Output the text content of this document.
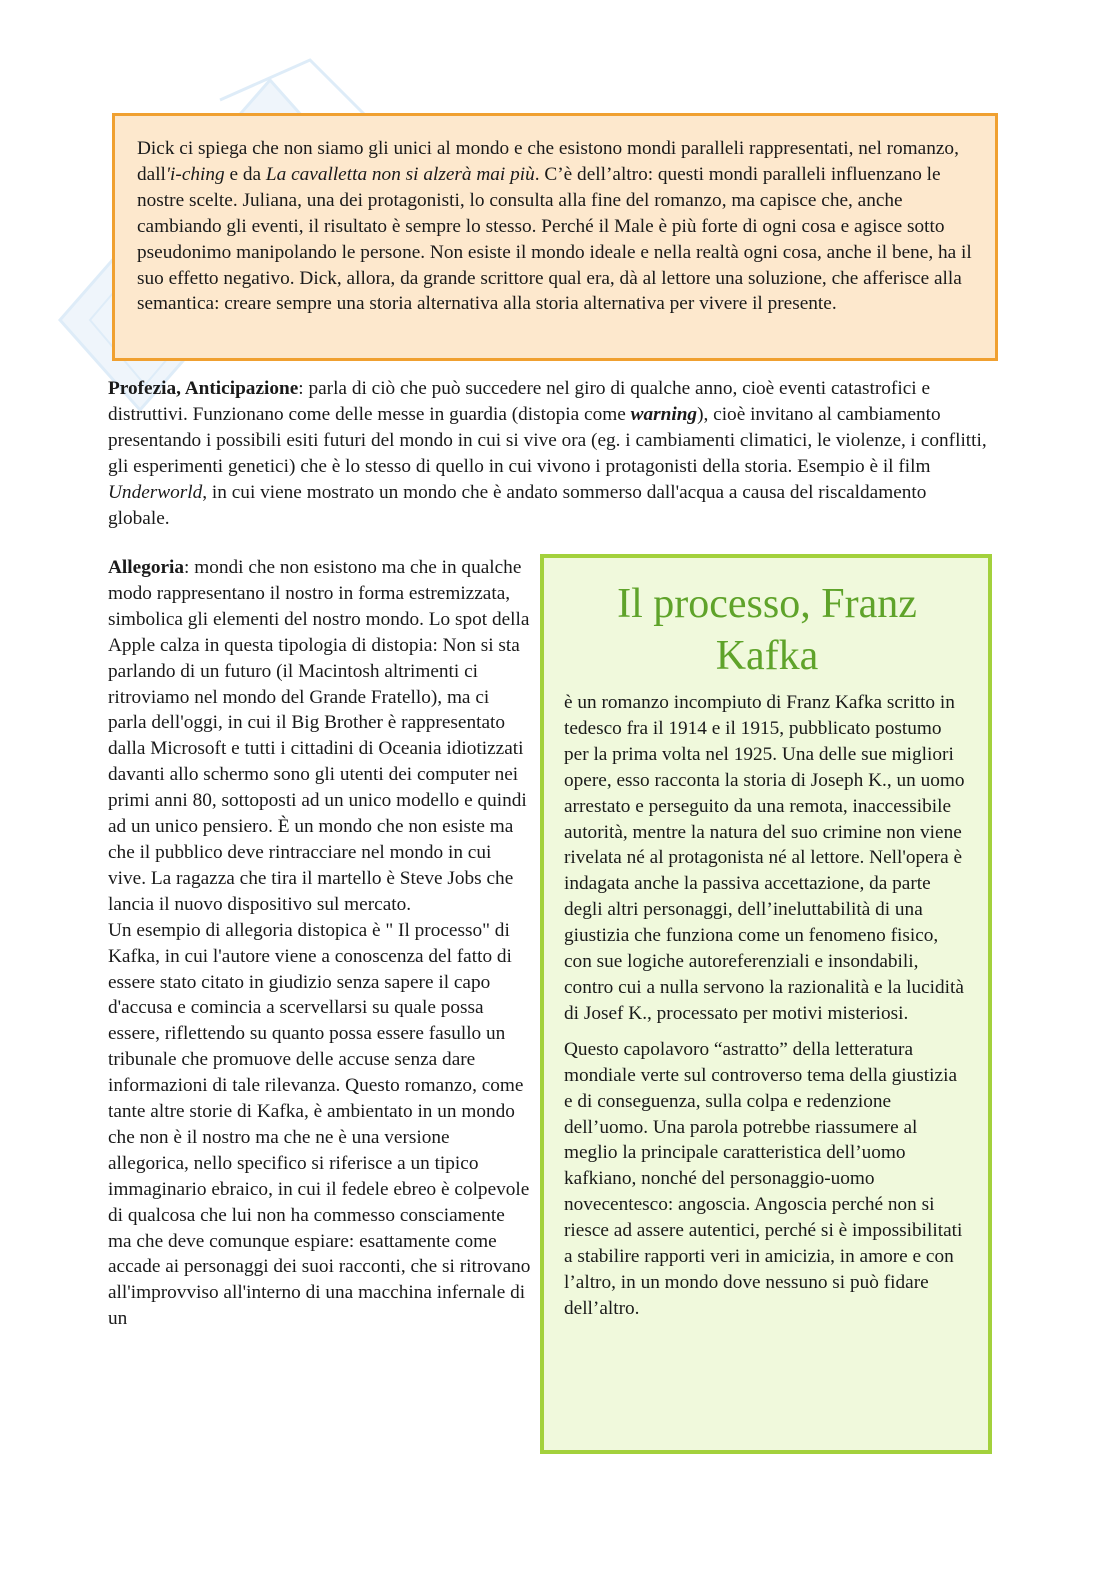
Dick ci spiega che non siamo gli unici al mondo e che esistono mondi paralleli rappresentati, nel romanzo, dall'i-ching e da La cavalletta non si alzerà mai più. C’è dell’altro: questi mondi paralleli influenzano le nostre scelte. Juliana, una dei protagonisti, lo consulta alla fine del romanzo, ma capisce che, anche cambiando gli eventi, il risultato è sempre lo stesso. Perché il Male è più forte di ogni cosa e agisce sotto pseudonimo manipolando le persone. Non esiste il mondo ideale e nella realtà ogni cosa, anche il bene, ha il suo effetto negativo. Dick, allora, da grande scrittore qual era, dà al lettore una soluzione, che afferisce alla semantica: creare sempre una storia alternativa alla storia alternativa per vivere il presente.

Profezia, Anticipazione: parla di ciò che può succedere nel giro di qualche anno, cioè eventi catastrofici e distruttivi. Funzionano come delle messe in guardia (distopia come warning), cioè invitano al cambiamento presentando i possibili esiti futuri del mondo in cui si vive ora (eg. i cambiamenti climatici, le violenze, i conflitti, gli esperimenti genetici) che è lo stesso di quello in cui vivono i protagonisti della storia. Esempio è il film Underworld, in cui viene mostrato un mondo che è andato sommerso dall'acqua a causa del riscaldamento globale.

Allegoria: mondi che non esistono ma che in qualche modo rappresentano il nostro in forma estremizzata, simbolica gli elementi del nostro mondo. Lo spot della Apple calza in questa tipologia di distopia: Non si sta parlando di un futuro (il Macintosh altrimenti ci ritroviamo nel mondo del Grande Fratello), ma ci parla dell'oggi, in cui il Big Brother è rappresentato dalla Microsoft e tutti i cittadini di Oceania idiotizzati davanti allo schermo sono gli utenti dei computer nei primi anni 80, sottoposti ad un unico modello e quindi ad un unico pensiero. È un mondo che non esiste ma che il pubblico deve rintracciare nel mondo in cui vive. La ragazza che tira il martello è Steve Jobs che lancia il nuovo dispositivo sul mercato.

Un esempio di allegoria distopica è " Il processo" di Kafka, in cui l'autore viene a conoscenza del fatto di essere stato citato in giudizio senza sapere il capo d'accusa e comincia a scervellarsi su quale possa essere, riflettendo su quanto possa essere fasullo un tribunale che promuove delle accuse senza dare informazioni di tale rilevanza. Questo romanzo, come tante altre storie di Kafka, è ambientato in un mondo che non è il nostro ma che ne è una versione allegorica, nello specifico si riferisce a un tipico immaginario ebraico, in cui il fedele ebreo è colpevole di qualcosa che lui non ha commesso consciamente ma che deve comunque espiare: esattamente come accade ai personaggi dei suoi racconti, che si ritrovano all'improvviso all'interno di una macchina infernale di un

Il processo, Franz Kafka

è un romanzo incompiuto di Franz Kafka scritto in tedesco fra il 1914 e il 1915, pubblicato postumo per la prima volta nel 1925. Una delle sue migliori opere, esso racconta la storia di Joseph K., un uomo arrestato e perseguito da una remota, inaccessibile autorità, mentre la natura del suo crimine non viene rivelata né al protagonista né al lettore. Nell'opera è indagata anche la passiva accettazione, da parte degli altri personaggi, dell’ineluttabilità di una giustizia che funziona come un fenomeno fisico, con sue logiche autoreferenziali e insondabili, contro cui a nulla servono la razionalità e la lucidità di Josef K., processato per motivi misteriosi.

Questo capolavoro “astratto” della letteratura mondiale verte sul controverso tema della giustizia e di conseguenza, sulla colpa e redenzione dell’uomo. Una parola potrebbe riassumere al meglio la principale caratteristica dell’uomo kafkiano, nonché del personaggio-uomo novecentesco: angoscia. Angoscia perché non si riesce ad assere autentici, perché si è impossibilitati a stabilire rapporti veri in amicizia, in amore e con l’altro, in un mondo dove nessuno si può fidare dell’altro.
